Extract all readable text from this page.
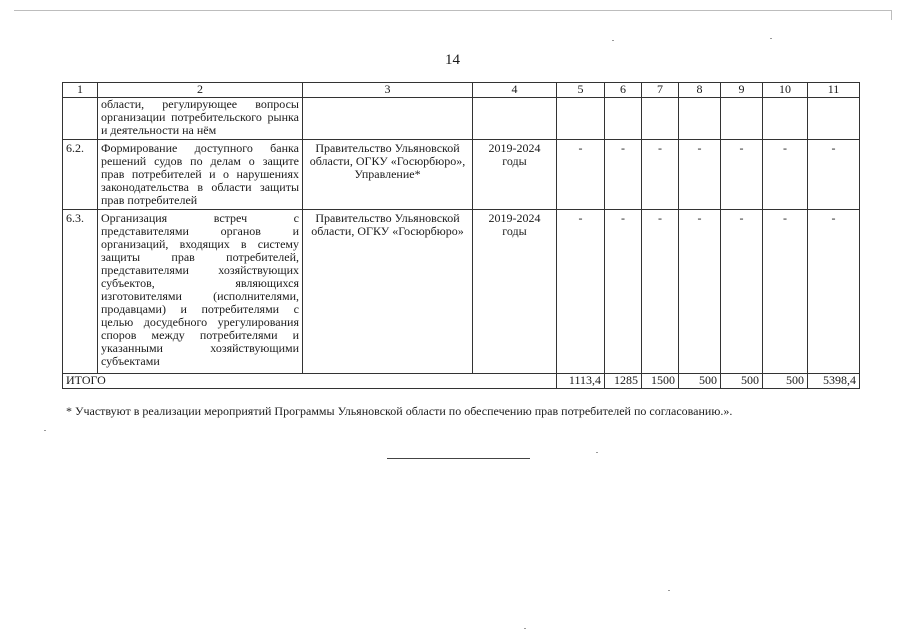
14
1	2	3	4	5	6	7	8	9	10	11
	области, регулирующее вопросы организации потребительского рынка и деятельности на нём									
6.2.	Формирование доступного банка решений судов по делам о защите прав потребителей и о нарушениях законодательства в области защиты прав потребителей	Правительство Ульяновской области, ОГКУ «Госюрбюро», Управление*	2019-2024 годы	-	-	-	-	-	-	-
6.3.	Организация встреч с представителями органов и организаций, входящих в систему защиты прав потребителей, представителями хозяйствующих субъектов, являющихся изготовителями (исполнителями, продавцами) и потребителями с целью досудебного урегулирования споров между потребителями и указанными хозяйствующими субъектами	Правительство Ульяновской области, ОГКУ «Госюрбюро»	2019-2024 годы	-	-	-	-	-	-	-
ИТОГО				1113,4	1285	1500	500	500	500	5398,4
* Участвуют в реализации мероприятий Программы Ульяновской области по обеспечению прав потребителей по согласованию.».
